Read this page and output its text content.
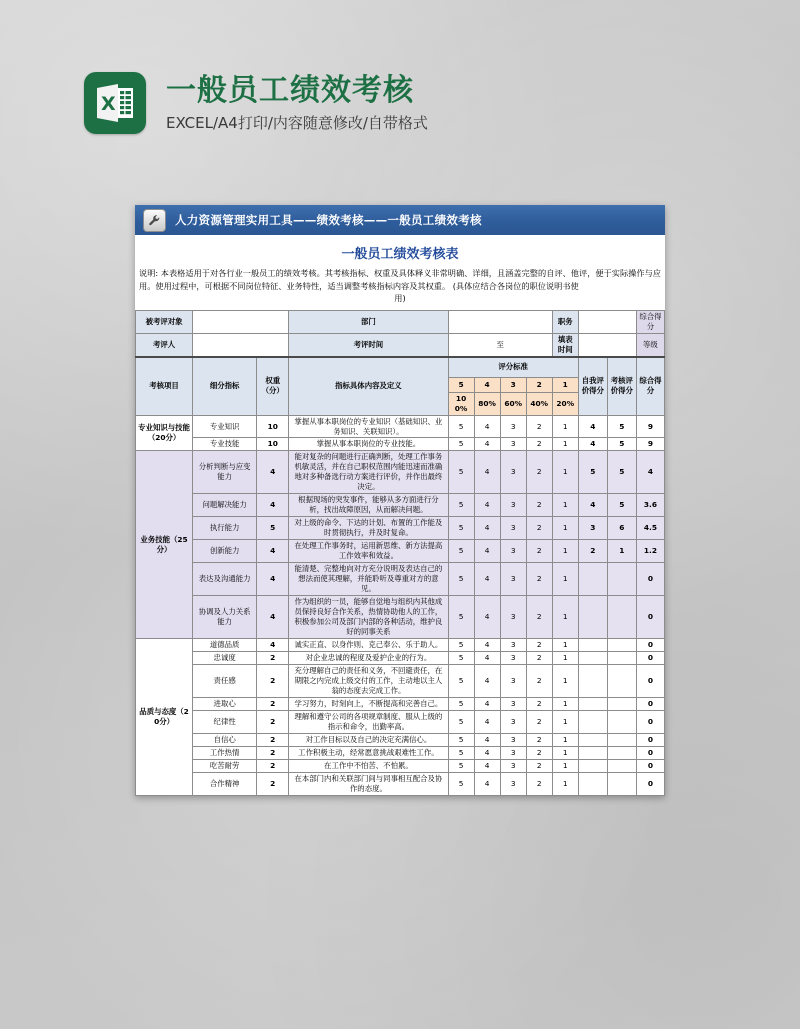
X 一般员工绩效考核
EXCEL/A4打印/内容随意修改/自带格式
人力资源管理实用工具——绩效考核——一般员工绩效考核
一般员工绩效考核表
说明: 本表格适用于对各行业一般员工的绩效考核。其考核指标、权重及具体释义非常明确、详细，且涵盖完整的自评、他评，便于实际操作与应用。使用过程中，可根据不同岗位特征、业务特性，适当调整考核指标内容及其权重。 (具体应结合各岗位的职位说明书使
用)
被考评对象			部门					职务			综合得分
考评人			考评时间	至				填表时间			等级
考核项目	细分指标	权重（分）	指标具体内容及定义	评分标准					自我评价得分	考核评价得分	综合得分
				5	4	3	2	1			
				100%	80%	60%	40%	20%			
专业知识与技能（20分）	专业知识	10	掌握从事本职岗位的专业知识（基础知识、业务知识、关联知识）。	5	4	3	2	1	4	5	9
	专业技能	10	掌握从事本职岗位的专业技能。	5	4	3	2	1	4	5	9
业务技能（25分）	分析判断与应变能力	4	能对复杂的问题进行正确判断，处理工作事务机敏灵活，并在自己职权范围内能迅速而准确地对多种备选行动方案进行评价，并作出最终决定。	5	4	3	2	1	5	5	4
	问题解决能力	4	根据现场的突发事件，能够从多方面进行分析，找出故障原因，从而解决问题。	5	4	3	2	1	4	5	3.6
	执行能力	5	对上级的命令、下达的计划、布置的工作能及时贯彻执行，并及时复命。	5	4	3	2	1	3	6	4.5
	创新能力	4	在处理工作事务时，运用新思维、新方法提高工作效率和效益。	5	4	3	2	1	2	1	1.2
	表达及沟通能力	4	能清楚、完整地向对方充分说明及表达自己的想法而使其理解，并能聆听及尊重对方的意见。	5	4	3	2	1			0
	协调及人力关系能力	4	作为组织的一员，能够自觉地与组织内其他成员保持良好合作关系，热情协助他人的工作，积极参加公司及部门内部的各种活动，维护良好的同事关系	5	4	3	2	1			0
品质与态度（20分）	道德品质	4	诚实正直、以身作则、克己奉公、乐于助人。	5	4	3	2	1			0
	忠诚度	2	对企业忠诚的程度及爱护企业的行为。	5	4	3	2	1			0
	责任感	2	充分理解自己的责任和义务，不回避责任，在期限之内完成上级交付的工作，主动地以主人翁的态度去完成工作。	5	4	3	2	1			0
	进取心	2	学习努力，时刻向上，不断提高和完善自己。	5	4	3	2	1			0
	纪律性	2	理解和遵守公司的各项规章制度、服从上级的指示和命令，出勤率高。	5	4	3	2	1			0
	自信心	2	对工作目标以及自己的决定充满信心。	5	4	3	2	1			0
	工作热情	2	工作积极主动，经常愿意挑战艰难性工作。	5	4	3	2	1			0
	吃苦耐劳	2	在工作中不怕苦、不怕累。	5	4	3	2	1			0
	合作精神	2	在本部门内和关联部门间与同事相互配合及协作的态度。	5	4	3	2	1			0
